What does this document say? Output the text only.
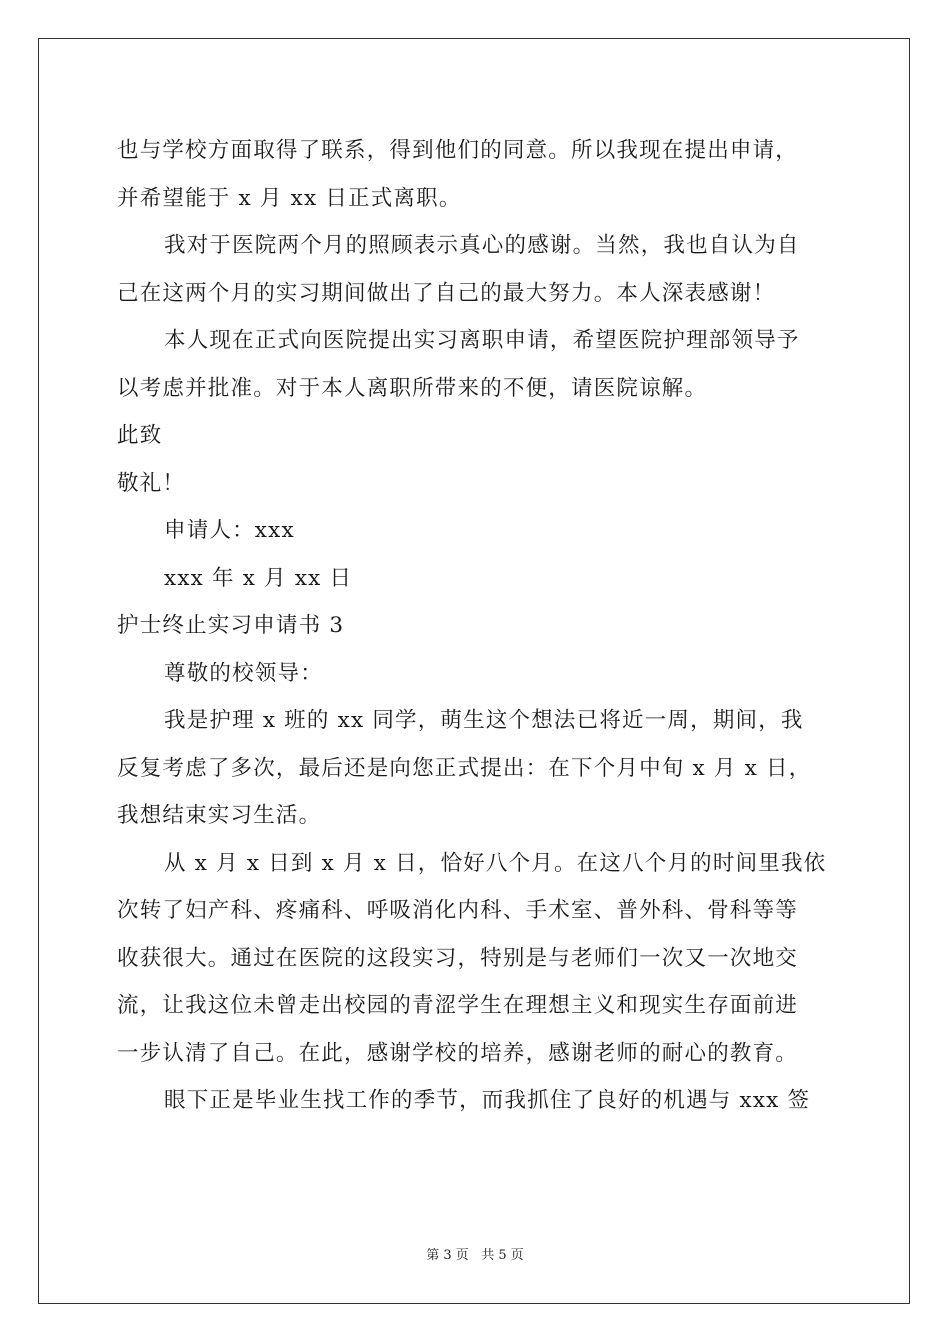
也与学校方面取得了联系，得到他们的同意。所以我现在提出申请，
并希望能于 x 月 xx 日正式离职。
我对于医院两个月的照顾表示真心的感谢。当然，我也自认为自
己在这两个月的实习期间做出了自己的最大努力。本人深表感谢！
本人现在正式向医院提出实习离职申请，希望医院护理部领导予
以考虑并批准。对于本人离职所带来的不便，请医院谅解。
此致
敬礼！
申请人：xxx
xxx 年 x 月 xx 日
护士终止实习申请书 3
尊敬的校领导：
我是护理 x 班的 xx 同学，萌生这个想法已将近一周，期间，我
反复考虑了多次，最后还是向您正式提出：在下个月中旬 x 月 x 日，
我想结束实习生活。
从 x 月 x 日到 x 月 x 日，恰好八个月。在这八个月的时间里我依
次转了妇产科、疼痛科、呼吸消化内科、手术室、普外科、骨科等等
收获很大。通过在医院的这段实习，特别是与老师们一次又一次地交
流，让我这位未曾走出校园的青涩学生在理想主义和现实生存面前进
一步认清了自己。在此，感谢学校的培养，感谢老师的耐心的教育。
眼下正是毕业生找工作的季节，而我抓住了良好的机遇与 xxx 签
第 3 页 共 5 页
